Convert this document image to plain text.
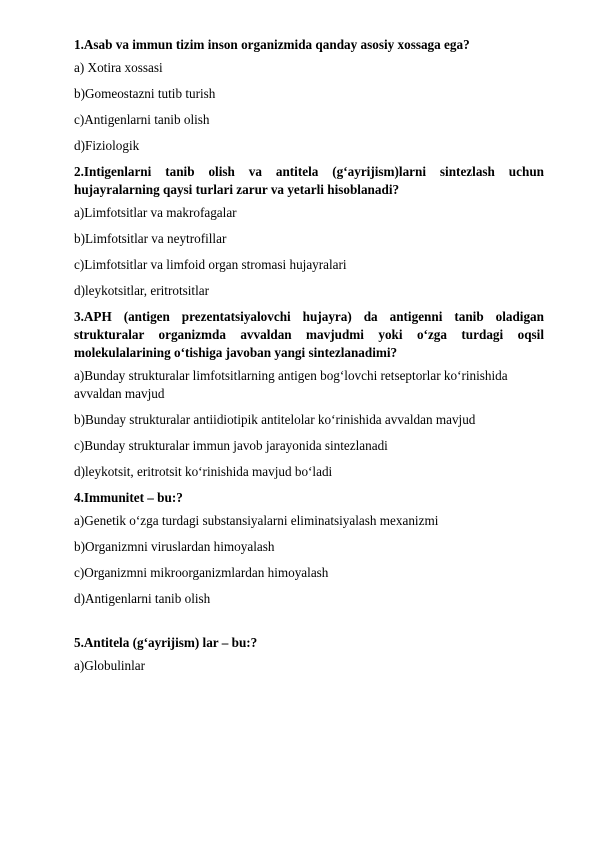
1.Asab va immun tizim inson organizmida qanday asosiy xossaga ega?

a) Xotira xossasi

b)Gomeostazni tutib turish

c)Antigenlarni tanib olish

d)Fiziologik

2.Intigenlarni tanib olish va antitela (g‘ayrijism)larni sintezlash uchun hujayralarning qaysi turlari zarur va yetarli hisoblanadi?

a)Limfotsitlar va makrofagalar

b)Limfotsitlar va neytrofillar

c)Limfotsitlar va limfoid organ stromasi hujayralari

d)leykotsitlar, eritrotsitlar

3.APH (antigen prezentatsiyalovchi hujayra) da antigenni tanib oladigan strukturalar organizmda avvaldan mavjudmi yoki o‘zga turdagi oqsil molekulalarining o‘tishiga javoban yangi sintezlanadimi?

a)Bunday strukturalar limfotsitlarning antigen bog‘lovchi retseptorlar ko‘rinishida avvaldan mavjud

b)Bunday strukturalar antiidiotipik antitelolar ko‘rinishida avvaldan mavjud

c)Bunday strukturalar immun javob jarayonida sintezlanadi

d)leykotsit, eritrotsit ko‘rinishida mavjud bo‘ladi

4.Immunitet – bu:?

a)Genetik o‘zga turdagi substansiyalarni eliminatsiyalash mexanizmi

b)Organizmni viruslardan himoyalash

c)Organizmni mikroorganizmlardan himoyalash

d)Antigenlarni tanib olish

5.Antitela (g‘ayrijism) lar – bu:?

a)Globulinlar
